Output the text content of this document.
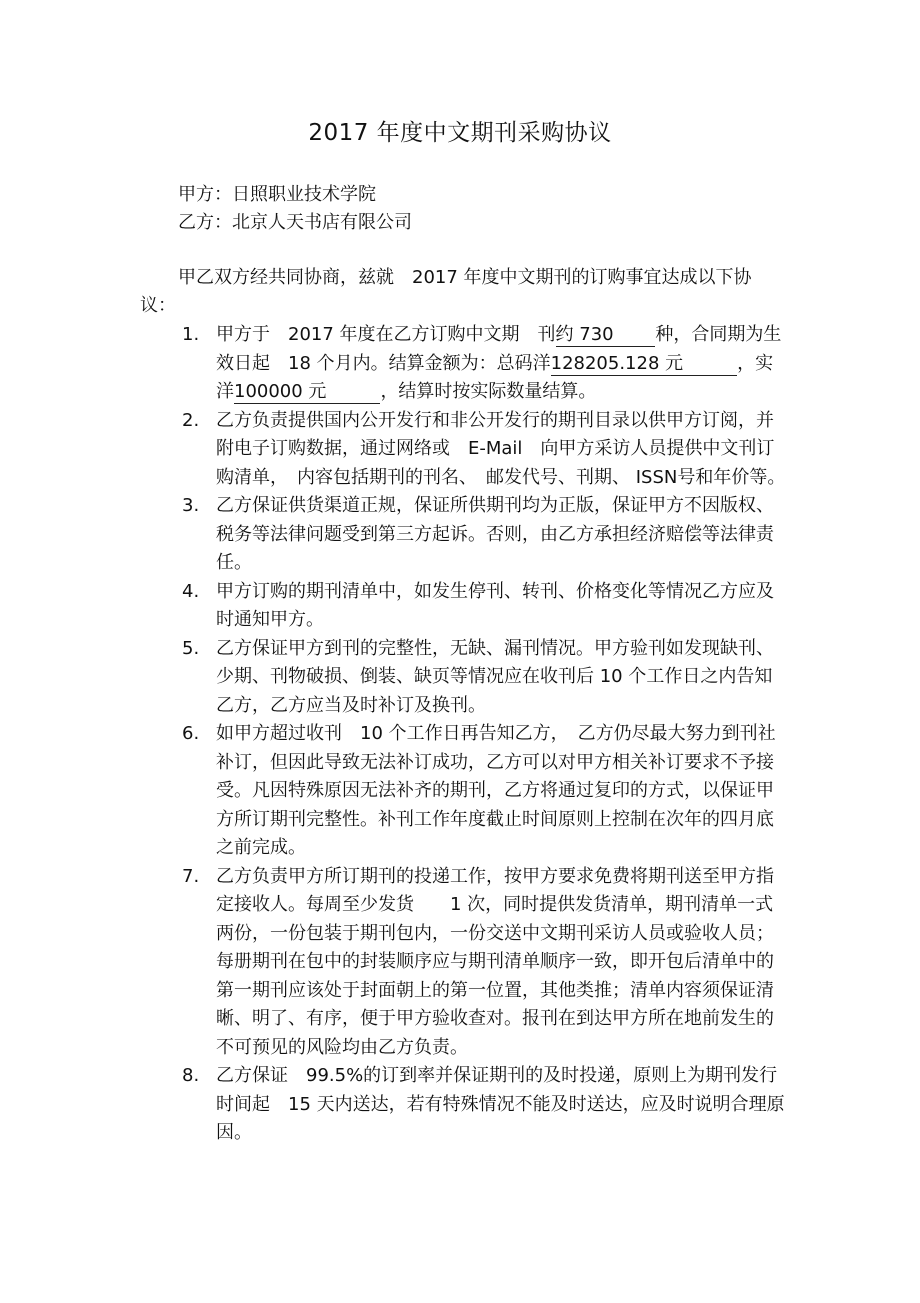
2017 年度中文期刊采购协议
甲方：日照职业技术学院
乙方：北京人天书店有限公司
甲乙双方经共同协商，兹就　2017 年度中文期刊的订购事宜达成以下协议：
1. 甲方于　2017 年度在乙方订购中文期　刊约 730 　　种，合同期为生效日起　18 个月内。结算金额为：总码洋128205.128 元　　　，实洋100000 元　　　，结算时按实际数量结算。
2. 乙方负责提供国内公开发行和非公开发行的期刊目录以供甲方订阅，并附电子订购数据，通过网络或　E-Mail　向甲方采访人员提供中文刊订购清单，　内容包括期刊的刊名、　邮发代号、刊期、 ISSN号和年价等。
3. 乙方保证供货渠道正规，保证所供期刊均为正版，保证甲方不因版权、税务等法律问题受到第三方起诉。否则，由乙方承担经济赔偿等法律责任。
4. 甲方订购的期刊清单中，如发生停刊、转刊、价格变化等情况乙方应及时通知甲方。
5. 乙方保证甲方到刊的完整性，无缺、漏刊情况。甲方验刊如发现缺刊、少期、刊物破损、倒装、缺页等情况应在收刊后 10 个工作日之内告知乙方，乙方应当及时补订及换刊。
6. 如甲方超过收刊　10 个工作日再告知乙方，　乙方仍尽最大努力到刊社补订，但因此导致无法补订成功，乙方可以对甲方相关补订要求不予接受。凡因特殊原因无法补齐的期刊，乙方将通过复印的方式，以保证甲方所订期刊完整性。补刊工作年度截止时间原则上控制在次年的四月底之前完成。
7. 乙方负责甲方所订期刊的投递工作，按甲方要求免费将期刊送至甲方指定接收人。每周至少发货　　1 次，同时提供发货清单，期刊清单一式两份，一份包装于期刊包内，一份交送中文期刊采访人员或验收人员；每册期刊在包中的封装顺序应与期刊清单顺序一致，即开包后清单中的第一期刊应该处于封面朝上的第一位置，其他类推；清单内容须保证清晰、明了、有序，便于甲方验收查对。报刊在到达甲方所在地前发生的不可预见的风险均由乙方负责。
8. 乙方保证　99.5%的订到率并保证期刊的及时投递，原则上为期刊发行时间起　15 天内送达，若有特殊情况不能及时送达，应及时说明合理原因。
